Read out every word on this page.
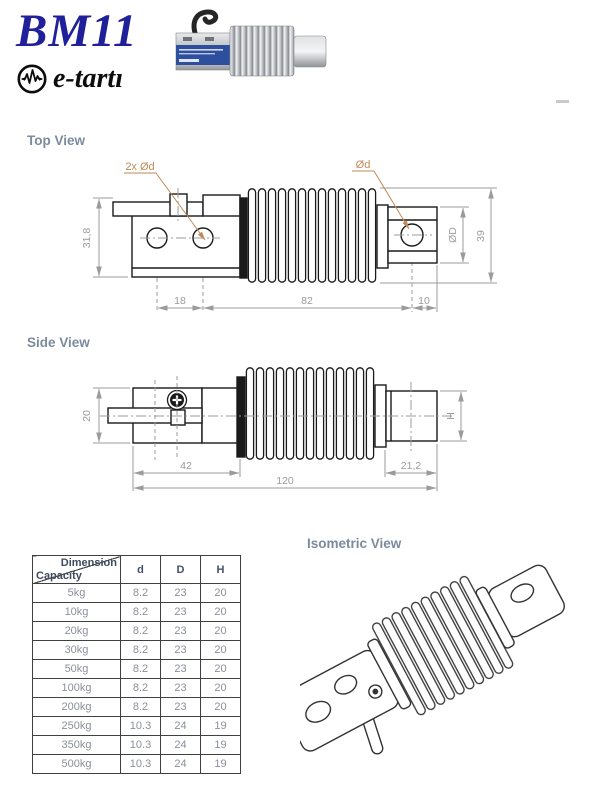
BM11
e-tartı
Top View
2x Ød	Ød
31,8	39
ØD
18	82	10
Side View
20	H
42	21,2
120
Dimension
Capacity	d	D	H
5kg	8.2	23	20
10kg	8.2	23	20
20kg	8.2	23	20
30kg	8.2	23	20
50kg	8.2	23	20
100kg	8.2	23	20
200kg	8.2	23	20
250kg	10.3	24	19
350kg	10.3	24	19
500kg	10.3	24	19
Isometric View
